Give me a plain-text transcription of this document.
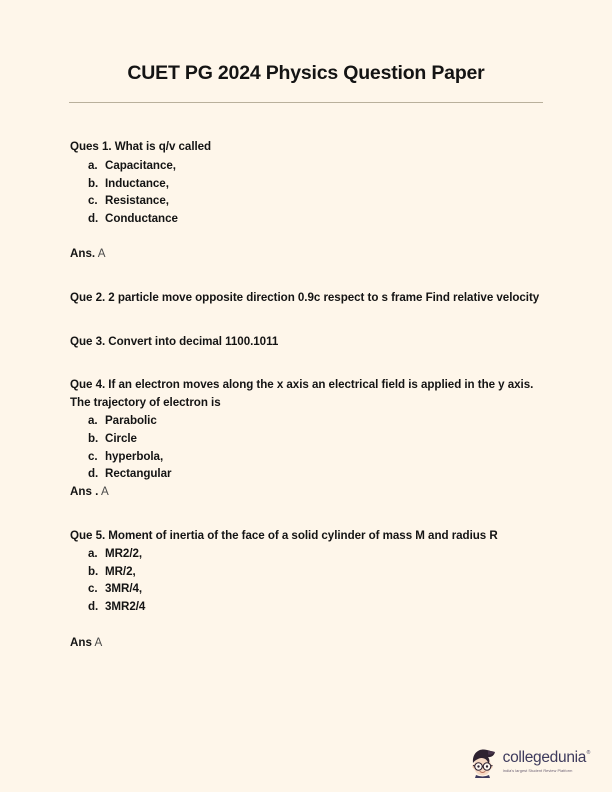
CUET PG 2024 Physics Question Paper

Ques 1. What is q/v called

a. Capacitance,
b. Inductance,
c. Resistance,
d. Conductance

Ans. A

Que 2. 2 particle move opposite direction 0.9c respect to s frame Find relative velocity

Que 3. Convert into decimal 1100.1011

Que 4. If an electron moves along the x axis an electrical field is applied in the y axis. The trajectory of electron is

a. Parabolic
b. Circle
c. hyperbola,
d. Rectangular

Ans . A

Que 5. Moment of inertia of the face of a solid cylinder of mass M and radius R

a. MR2/2,
b. MR/2,
c. 3MR/4,
d. 3MR2/4

Ans A

collegedunia ®
India's largest Student Review Platform
